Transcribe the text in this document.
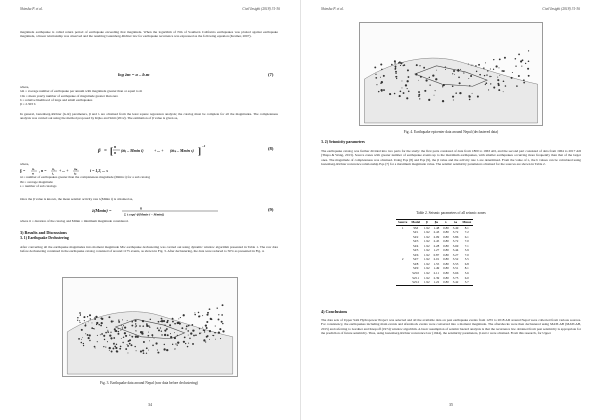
Shinsha P. et al.	Civil Insight (2018) 31-36

magnitude earthquake is called return period of earthquake exceeding that magnitude. When the logarithm of Nm of Southern California earthquakes was plotted against earthquake magnitude, a linear relationship was observed and the resulting Gutenberg-Richter law for earthquake recurrence was expressed as the following equation (Kramer, 2007).

log λm = a – b.m	(7)

where,

λm = average number of earthquake per annum with magnitude greater than or equal to m

10a = mean yearly number of earthquake of magnitude greater than zero

b = relative likelihood of large and small earthquakes

β = 2.303 b

In general, Gutenberg-Richter (G-R) parameters, β and λ are obtained from the least square regression analysis; the catalog must be complete for all the magnitudes. The completeness analysis was carried out using the method proposed by Kijko and Smit (2012). The estimation of β value is given as,

β = [ n
n (m̄ᵢ – Mmin i)	+ ... + (m̄ₛ – Mmin s) ] –1	(8)

where,

fᵢ = nᵢ
n
, n = n₁
t₁
+ ... + nₛ
tₛ
i = 1,2, ... s

ni = number of earthquakes greater than the completeness magnitude (Mmin i) for a sub catalog

m̄i = average magnitude

s = number of sub catalogs

Once the β value is known, the mean seismic activity rate λ(Mmin i) is obtained as,

λ(Mmin) =	n
Σ tᵢ exp(–β(Mmin i – Mmin))
(9)

where ti = duration of the catalog and Mmin = minimum magnitude considered.

3) Results and Discussions

3. 1) Earthquake Declustering

After converting all the earthquake magnitudes into moment magnitude Mw earthquake declustering was carried out using dynamic window algorithm presented in Table 1. The raw data before declustering contained in the earthquake catalog consisted of around 1175 events, as shown in Fig. 3. After declustering, the data were reduced to 50% as presented in Fig. 4.

Fig. 3. Earthquake data around Nepal (raw data before declustering)
34
Shinsha P. et al.	Civil Insight (2018) 31-36
Fig. 4. Earthquake epicenter data around Nepal (declustered data)

3. 2) Seismicity parameters

The earthquake catalog was further divided into two parts for the study: the first parts consisted of data from 1800 to 1963 AD, and the second part consisted of data from 1964 to 2017 AD (Thapa & Wang, 2013). Source zones with greater number of earthquake events up to the maximum earthquakes, with smaller earthquakes occurring more frequently than that of the larger ones. The magnitude of completeness was obtained. Using Eqs (8) and Eqs (9), the β value and the activity rate λ are determined. From the value of λ, the b values can be calculated using Gutenberg-Richter recurrence relationship Eqs (7) for a maximum magnitude value. The seismic seismicity parameters obtained for the sources are shown in Table 2.

Table 2. Seismic parameters of all seismic zones
Source	Model	β	βa	λ	λa	Mmax
1	SM	1.92	1.48	0.80	3.49	8.1
	SZ1	1.92	2.43	0.80	3.72	7.2
	SZ2	1.92	2.09	0.80	3.86	6.1
	SZ3	1.92	2.45	0.80	3.72	7.0
	SZ4	1.92	2.28	0.80	3.69	7.1
	SZ5	1.92	1.27	0.80	3.44	5.9
	SZ6	1.92	0.87	0.80	3.27	7.0
2	SZ7	1.92	2.01	0.80	3.52	5.5
	SZ8	1.92	1.55	0.80	3.53	6.8
	SZ9	1.92	1.49	0.80	3.51	8.1
	SZ10	1.92	2.11	0.80	3.66	5.6
	SZ11	1.92	2.39	0.80	3.75	6.0
	SZ12	1.92	1.22	0.80	3.42	5.7

4) Conclusions

The data sets of Upper Sabi Hydropower Project was selected and all the available data on past earthquake events from 1255 to 2018 AD around Nepal were collected from various sources. For consistency, the earthquakes including main events and aftershock events were converted into a moment magnitude. The aftershocks were then declustered using MATLAB (MATLAB, 2015) and referring to Gardner and Knopoff (1974) window algorithm. A basic assumption of seismic hazard analysis is that the recurrence law obtained from past seismicity is appropriate for the prediction of future seismicity. Thus, using Gutenberg-Richter recurrence law (1944), the seismicity parameters, β and λ were obtained. From this research, for Upper

35
